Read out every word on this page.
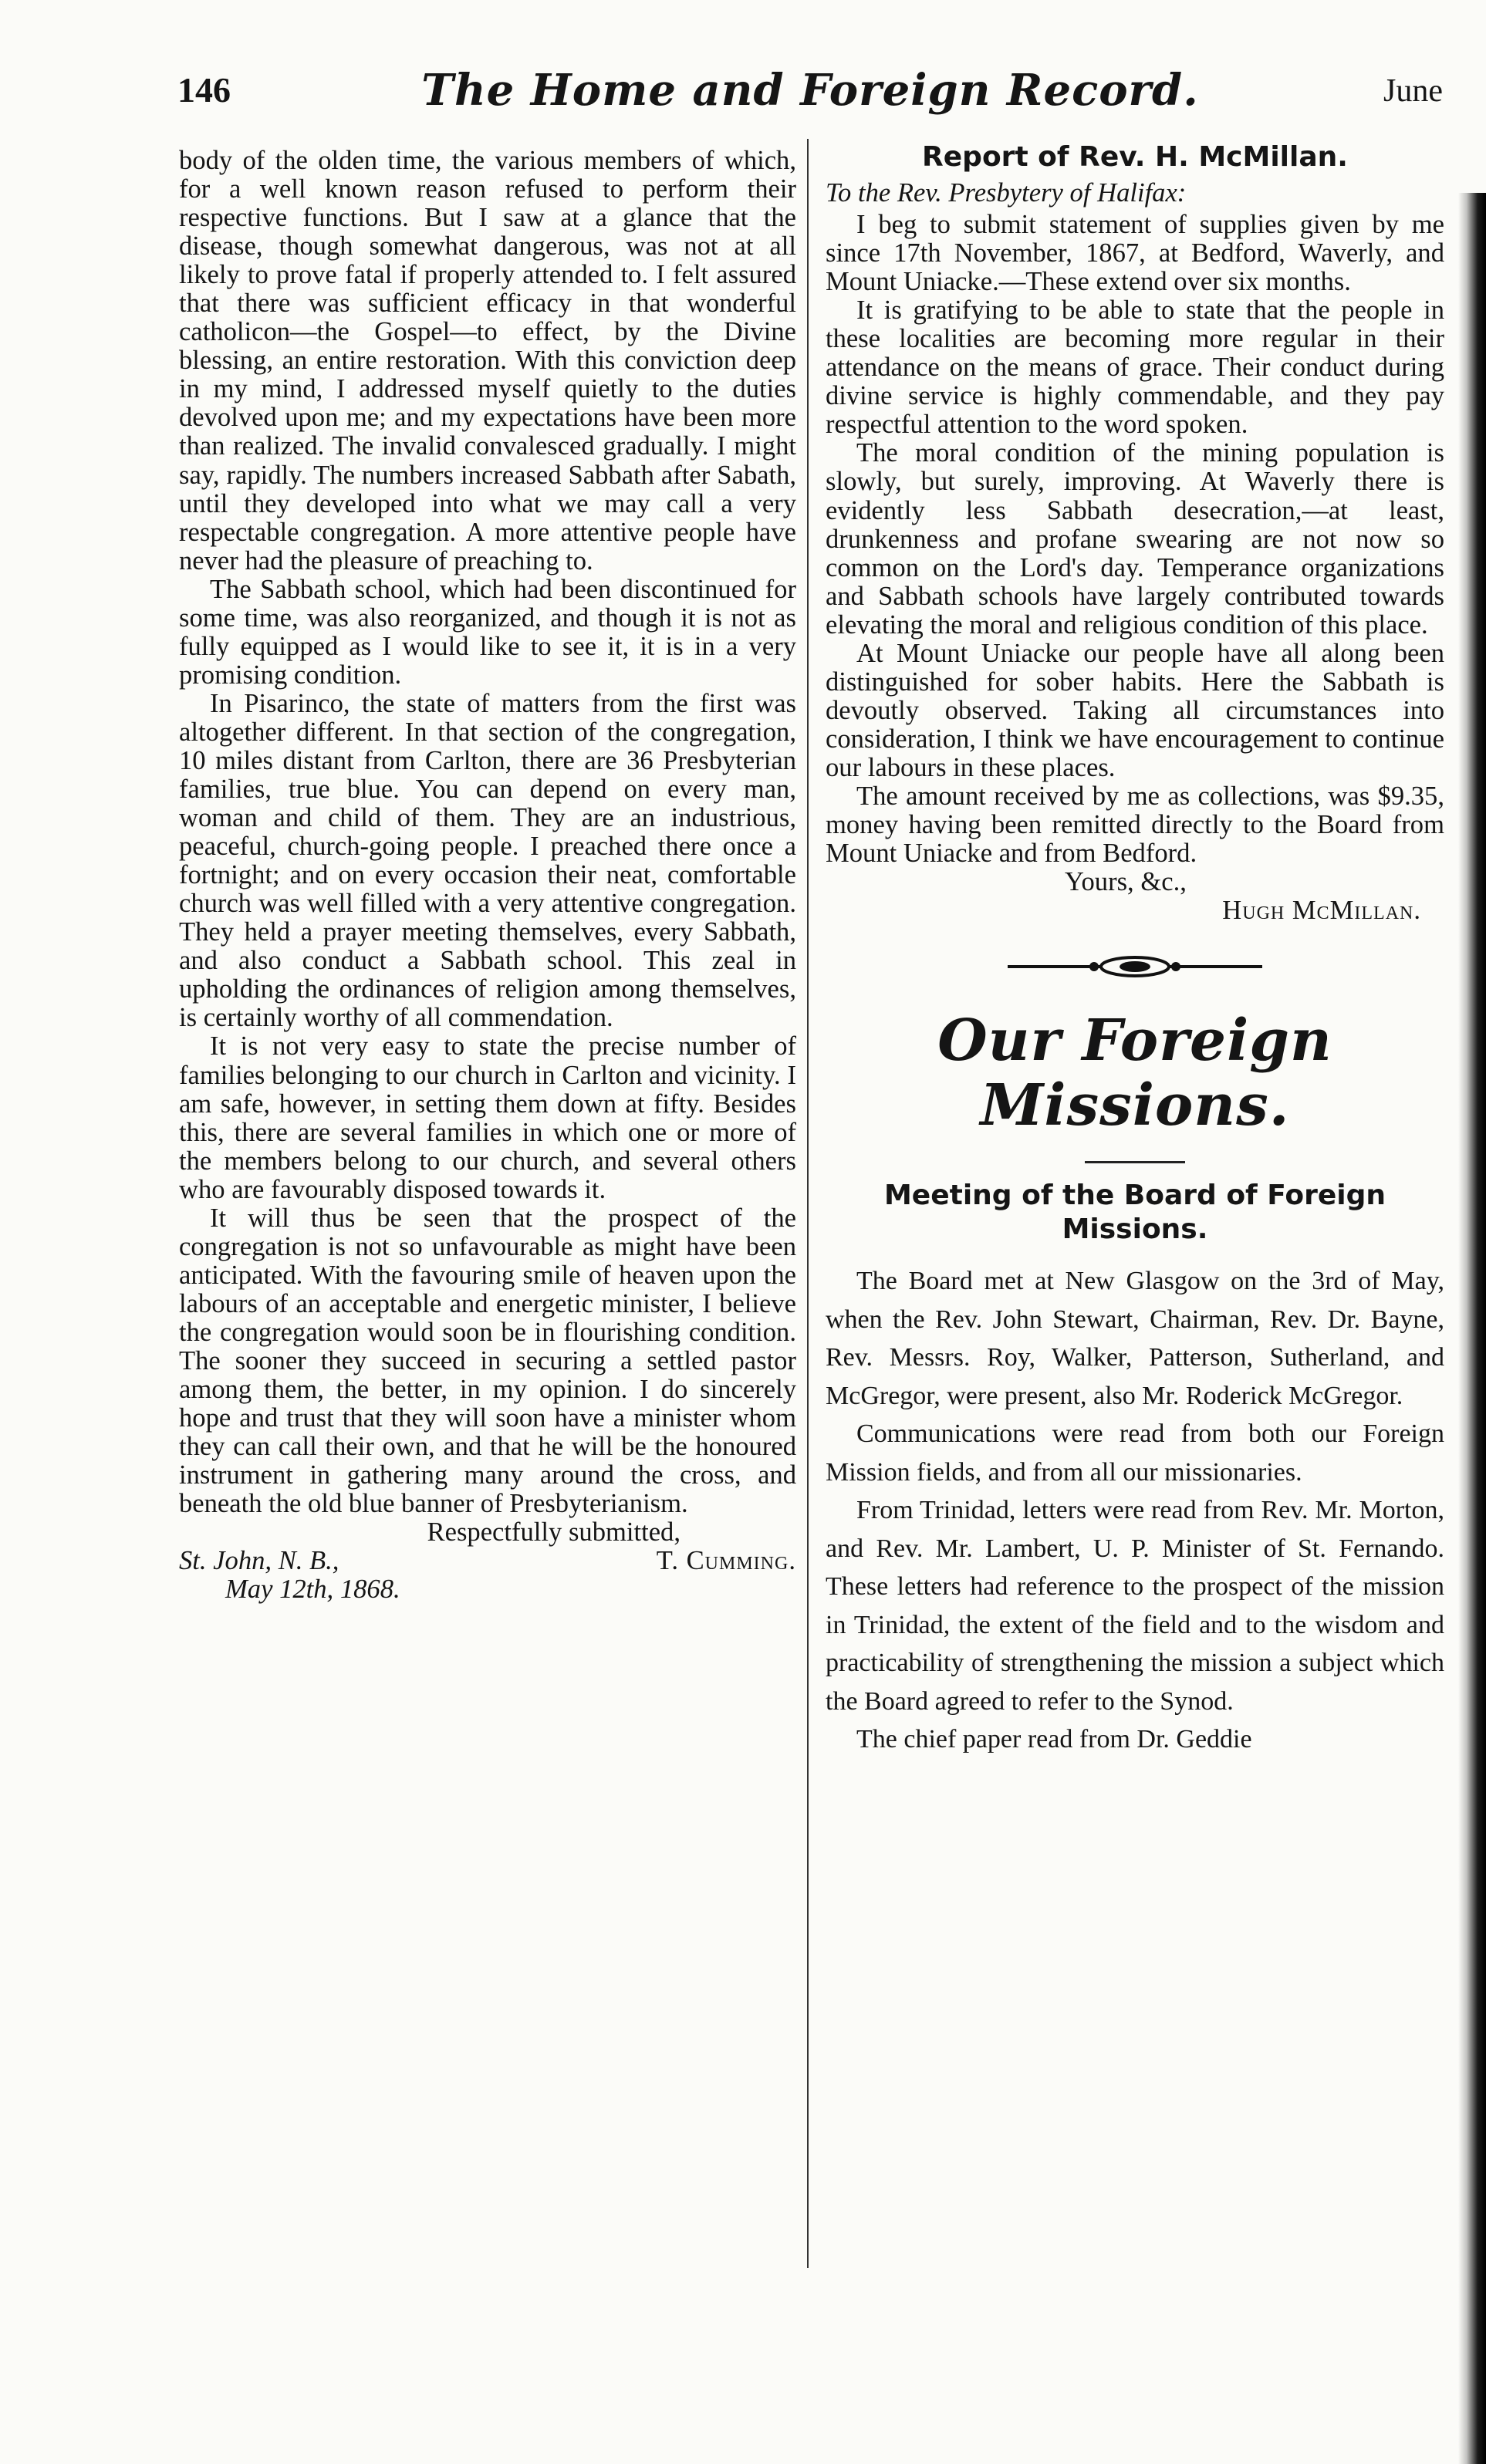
146	The Home and Foreign Record.	June

body of the olden time, the various members of which, for a well known reason refused to perform their respective functions. But I saw at a glance that the disease, though somewhat dangerous, was not at all likely to prove fatal if properly attended to. I felt assured that there was sufficient efficacy in that wonderful catholicon—the Gospel—to effect, by the Divine blessing, an entire restoration. With this conviction deep in my mind, I addressed myself quietly to the duties devolved upon me; and my expectations have been more than realized. The invalid convalesced gradually. I might say, rapidly. The numbers increased Sabbath after Sabath, until they developed into what we may call a very respectable congregation. A more attentive people have never had the pleasure of preaching to.

The Sabbath school, which had been discontinued for some time, was also reorganized, and though it is not as fully equipped as I would like to see it, it is in a very promising condition.

In Pisarinco, the state of matters from the first was altogether different. In that section of the congregation, 10 miles distant from Carlton, there are 36 Presbyterian families, true blue. You can depend on every man, woman and child of them. They are an industrious, peaceful, church-going people. I preached there once a fortnight; and on every occasion their neat, comfortable church was well filled with a very attentive congregation. They held a prayer meeting themselves, every Sabbath, and also conduct a Sabbath school. This zeal in upholding the ordinances of religion among themselves, is certainly worthy of all commendation.

It is not very easy to state the precise number of families belonging to our church in Carlton and vicinity. I am safe, however, in setting them down at fifty. Besides this, there are several families in which one or more of the members belong to our church, and several others who are favourably disposed towards it.

It will thus be seen that the prospect of the congregation is not so unfavourable as might have been anticipated. With the favouring smile of heaven upon the labours of an acceptable and energetic minister, I believe the congregation would soon be in flourishing condition. The sooner they succeed in securing a settled pastor among them, the better, in my opinion. I do sincerely hope and trust that they will soon have a minister whom they can call their own, and that he will be the honoured instrument in gathering many around the cross, and beneath the old blue banner of Presbyterianism.

Respectfully submitted,

St. John, N. B.,	T. Cumming.

May 12th, 1868.

Report of Rev. H. McMillan.

To the Rev. Presbytery of Halifax:

I beg to submit statement of supplies given by me since 17th November, 1867, at Bedford, Waverly, and Mount Uniacke.—These extend over six months.

It is gratifying to be able to state that the people in these localities are becoming more regular in their attendance on the means of grace. Their conduct during divine service is highly commendable, and they pay respectful attention to the word spoken.

The moral condition of the mining population is slowly, but surely, improving. At Waverly there is evidently less Sabbath desecration,—at least, drunkenness and profane swearing are not now so common on the Lord's day. Temperance organizations and Sabbath schools have largely contributed towards elevating the moral and religious condition of this place.

At Mount Uniacke our people have all along been distinguished for sober habits. Here the Sabbath is devoutly observed. Taking all circumstances into consideration, I think we have encouragement to continue our labours in these places.

The amount received by me as collections, was $9.35, money having been remitted directly to the Board from Mount Uniacke and from Bedford.

Yours, &c.,

Hugh McMillan.

Our Foreign Missions.

Meeting of the Board of Foreign Missions.

The Board met at New Glasgow on the 3rd of May, when the Rev. John Stewart, Chairman, Rev. Dr. Bayne, Rev. Messrs. Roy, Walker, Patterson, Sutherland, and McGregor, were present, also Mr. Roderick McGregor.

Communications were read from both our Foreign Mission fields, and from all our missionaries.

From Trinidad, letters were read from Rev. Mr. Morton, and Rev. Mr. Lambert, U. P. Minister of St. Fernando. These letters had reference to the prospect of the mission in Trinidad, the extent of the field and to the wisdom and practicability of strengthening the mission a subject which the Board agreed to refer to the Synod.

The chief paper read from Dr. Geddie
